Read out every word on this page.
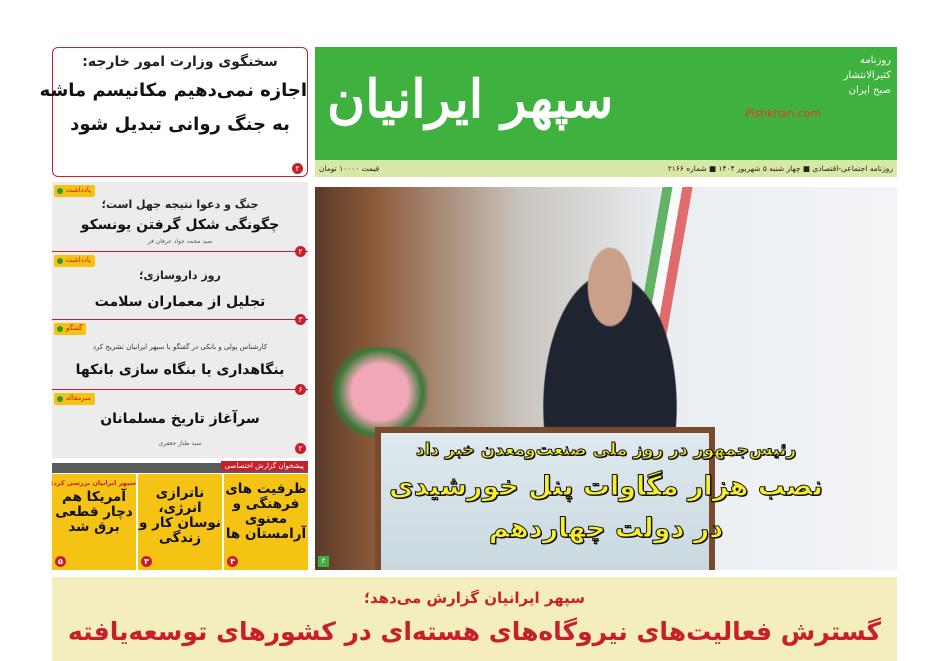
سخنگوی وزارت امور خارجه:
اجازه نمی‌دهیم مکانیسم ماشه
به جنگ روانی تبدیل شود
۲
سپهر ایرانیان
روزنامه
کثیرالانتشار
صبح ایران
Pishkhan.com
روزنامه اجتماعی-اقتصادی ■ چهار شنبه ۵ شهریور ۱۴۰۴ ■ شماره ۲۱۶۶
قیمت ۱۰۰۰۰ تومان
یادداشت
جنگ و دعوا نتیجه جهل است؛
چگونگی شکل گرفتن یونسکو
سید محمد جواد عرفان فر
۲
یادداشت
روز داروسازی؛
تجلیل از معماران سلامت
۳
گفتگو
کارشناس پولی و بانکی در گفتگو با سپهر ایرانیان تشریح کرد
بنگاهداری یا بنگاه سازی بانکها
۶
سرمقاله
سرآغاز تاریخ مسلمانان
سید طناز جعفری
۲
پیشخوان گزارش اختصاصی
ظرفیت های فرهنگی و معنوی آرامستان ها
۴
ناترازی انرژی، نوسان کار و زندگی
۳
سپهر ایرانیان بررسی کرد:
آمریکا هم دچار قطعی برق شد
۵
رئیس‌جمهور در روز ملی صنعت‌ومعدن خبر داد
نصب هزار مگاوات پنل خورشیدی
در دولت چهاردهم
۲
سپهر ایرانیان گزارش می‌دهد؛
گسترش فعالیت‌های نیروگاه‌های هسته‌ای در کشورهای توسعه‌یافته
